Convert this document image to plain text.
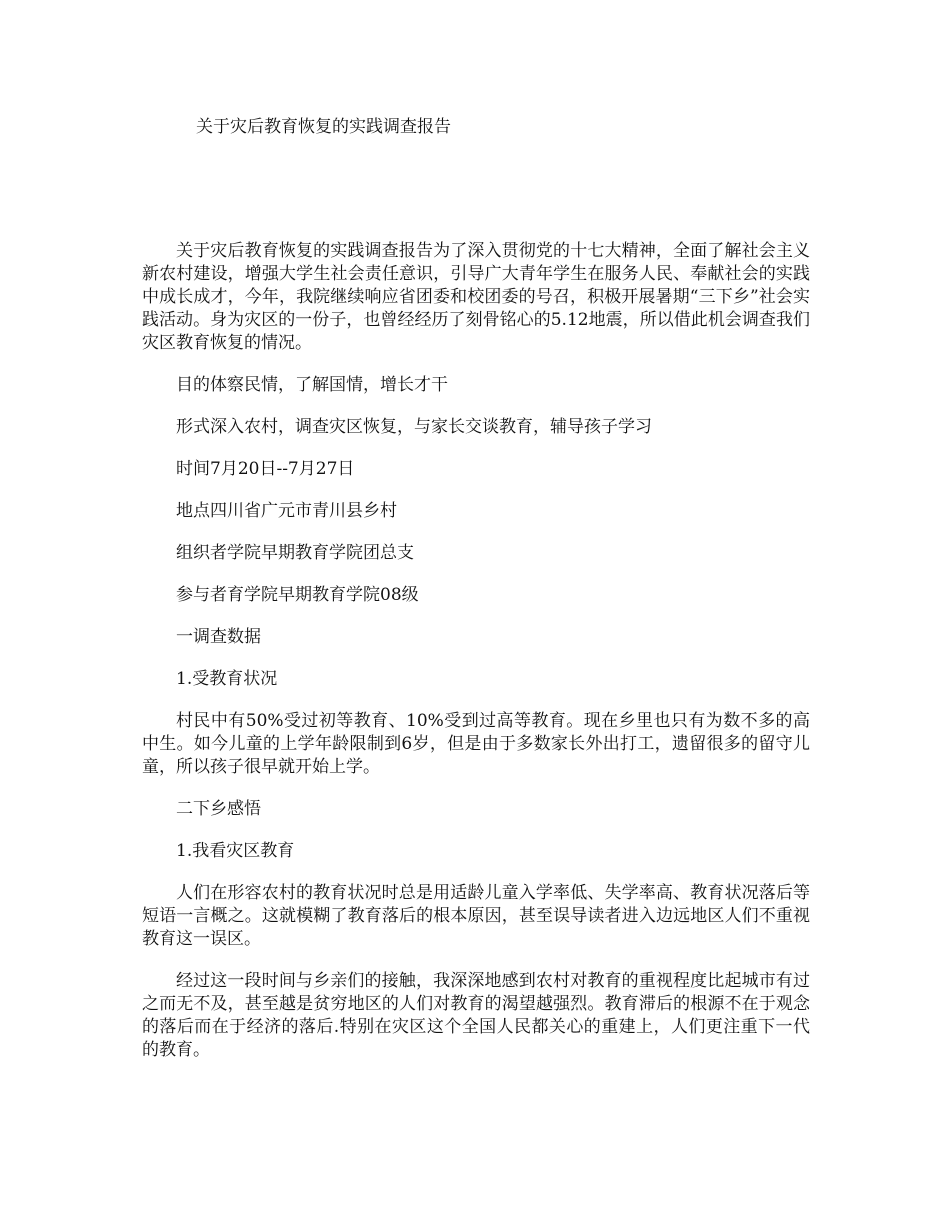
关于灾后教育恢复的实践调查报告

关于灾后教育恢复的实践调查报告为了深入贯彻党的十七大精神，全面了解社会主义新农村建设，增强大学生社会责任意识，引导广大青年学生在服务人民、奉献社会的实践中成长成才，今年，我院继续响应省团委和校团委的号召，积极开展暑期“三下乡”社会实践活动。身为灾区的一份子，也曾经经历了刻骨铭心的5.12地震，所以借此机会调查我们灾区教育恢复的情况。

目的体察民情，了解国情，增长才干

形式深入农村，调查灾区恢复，与家长交谈教育，辅导孩子学习

时间7月20日--7月27日

地点四川省广元市青川县乡村

组织者学院早期教育学院团总支

参与者育学院早期教育学院08级

一调查数据

1.受教育状况

村民中有50%受过初等教育、10%受到过高等教育。现在乡里也只有为数不多的高中生。如今儿童的上学年龄限制到6岁，但是由于多数家长外出打工，遗留很多的留守儿童，所以孩子很早就开始上学。

二下乡感悟

1.我看灾区教育

人们在形容农村的教育状况时总是用适龄儿童入学率低、失学率高、教育状况落后等短语一言概之。这就模糊了教育落后的根本原因，甚至误导读者进入边远地区人们不重视教育这一误区。

经过这一段时间与乡亲们的接触，我深深地感到农村对教育的重视程度比起城市有过之而无不及，甚至越是贫穷地区的人们对教育的渴望越强烈。教育滞后的根源不在于观念的落后而在于经济的落后.特别在灾区这个全国人民都关心的重建上，人们更注重下一代的教育。
